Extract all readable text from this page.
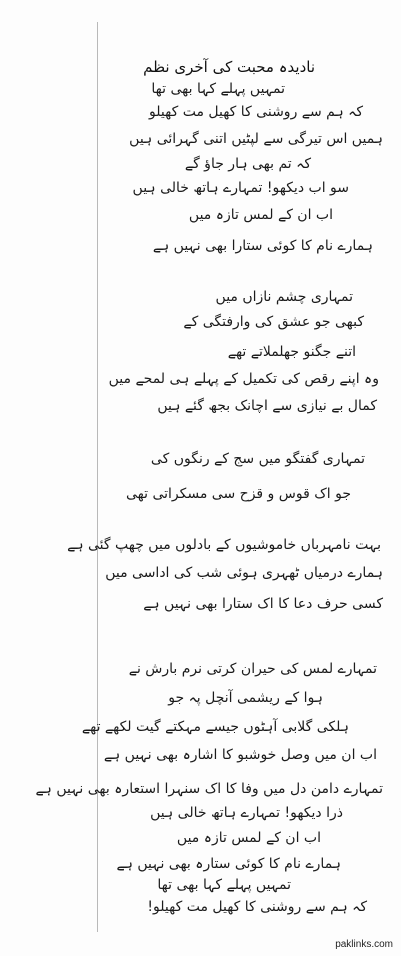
نادیدہ محبت کی آخری نظم
تمہیں پہلے کہا بھی تھا
کہ ہم سے روشنی کا کھیل مت کھیلو
ہمیں اس تیرگی سے لپٹیں اتنی گہرائی ہیں
کہ تم بھی ہار جاؤ گے
سو اب دیکھو! تمہارے ہاتھ خالی ہیں
اب ان کے لمس تازہ میں
ہمارے نام کا کوئی ستارا بھی نہیں ہے
تمہاری چشم نازاں میں
کبھی جو عشق کی وارفتگی کے
اتنے جگنو جھلملاتے تھے
وہ اپنے رقص کی تکمیل کے پہلے ہی لمحے میں
کمال بے نیازی سے اچانک بجھ گئے ہیں
تمہاری گفتگو میں سج کے رنگوں کی
جو اک قوس و قزح سی مسکراتی تھی
بہت نامہرباں خاموشیوں کے بادلوں میں چھپ گئی ہے
ہمارے درمیاں ٹھہری ہوئی شب کی اداسی میں
کسی حرف دعا کا اک ستارا بھی نہیں ہے
تمہارے لمس کی حیران کرتی نرم بارش نے
ہوا کے ریشمی آنچل پہ جو
ہلکی گلابی آہٹوں جیسے مہکتے گیت لکھے تھے
اب ان میں وصل خوشبو کا اشارہ بھی نہیں ہے
تمہارے دامن دل میں وفا کا اک سنہرا استعارہ بھی نہیں ہے
ذرا دیکھو! تمہارے ہاتھ خالی ہیں
اب ان کے لمس تازہ میں
ہمارے نام کا کوئی ستارہ بھی نہیں ہے
تمہیں پہلے کہا بھی تھا
کہ ہم سے روشنی کا کھیل مت کھیلو!
paklinks.com
